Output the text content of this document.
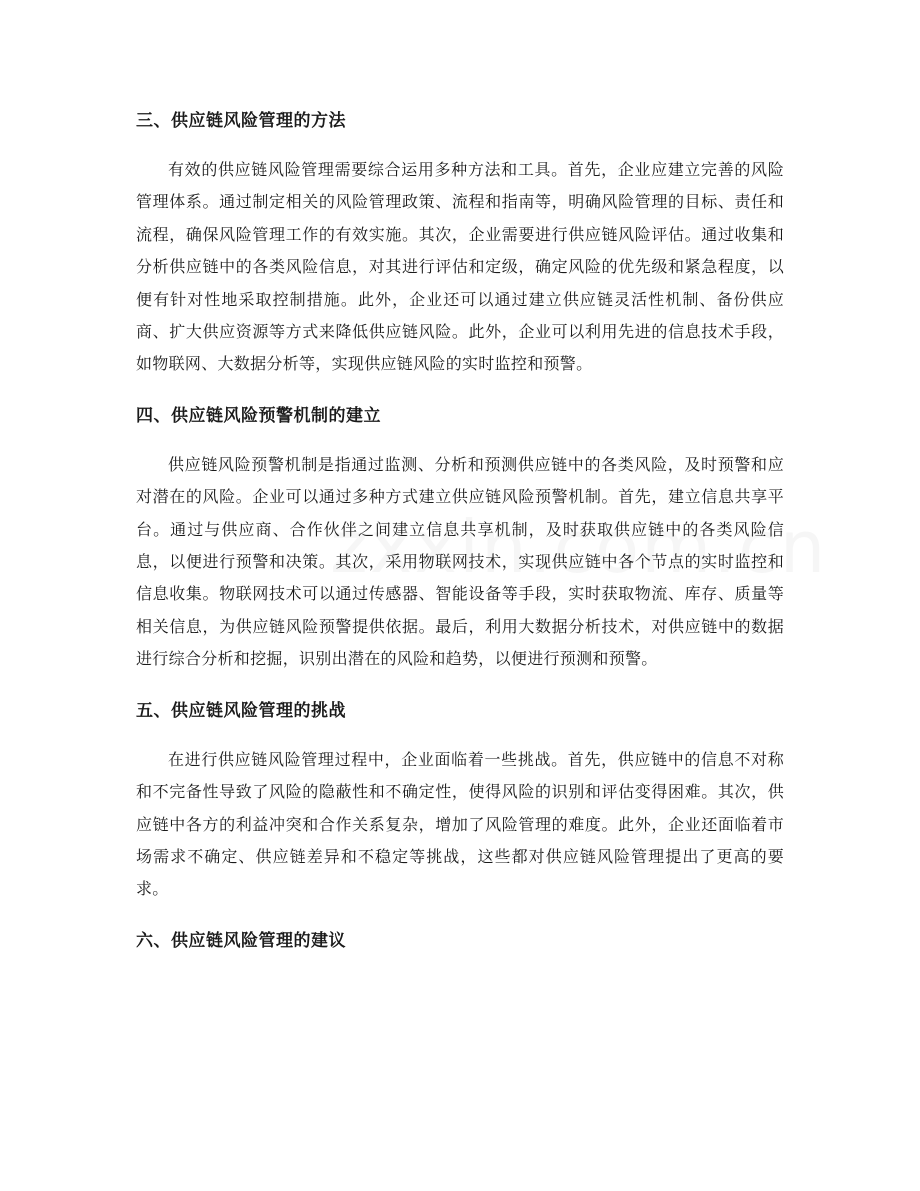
三、供应链风险管理的方法

有效的供应链风险管理需要综合运用多种方法和工具。首先，企业应建立完善的风险管理体系。通过制定相关的风险管理政策、流程和指南等，明确风险管理的目标、责任和流程，确保风险管理工作的有效实施。其次，企业需要进行供应链风险评估。通过收集和分析供应链中的各类风险信息，对其进行评估和定级，确定风险的优先级和紧急程度，以便有针对性地采取控制措施。此外，企业还可以通过建立供应链灵活性机制、备份供应商、扩大供应资源等方式来降低供应链风险。此外，企业可以利用先进的信息技术手段，如物联网、大数据分析等，实现供应链风险的实时监控和预警。

四、供应链风险预警机制的建立

供应链风险预警机制是指通过监测、分析和预测供应链中的各类风险，及时预警和应对潜在的风险。企业可以通过多种方式建立供应链风险预警机制。首先，建立信息共享平台。通过与供应商、合作伙伴之间建立信息共享机制，及时获取供应链中的各类风险信息，以便进行预警和决策。其次，采用物联网技术，实现供应链中各个节点的实时监控和信息收集。物联网技术可以通过传感器、智能设备等手段，实时获取物流、库存、质量等相关信息，为供应链风险预警提供依据。最后，利用大数据分析技术，对供应链中的数据进行综合分析和挖掘，识别出潜在的风险和趋势，以便进行预测和预警。

五、供应链风险管理的挑战

在进行供应链风险管理过程中，企业面临着一些挑战。首先，供应链中的信息不对称和不完备性导致了风险的隐蔽性和不确定性，使得风险的识别和评估变得困难。其次，供应链中各方的利益冲突和合作关系复杂，增加了风险管理的难度。此外，企业还面临着市场需求不确定、供应链差异和不稳定等挑战，这些都对供应链风险管理提出了更高的要求。

六、供应链风险管理的建议
